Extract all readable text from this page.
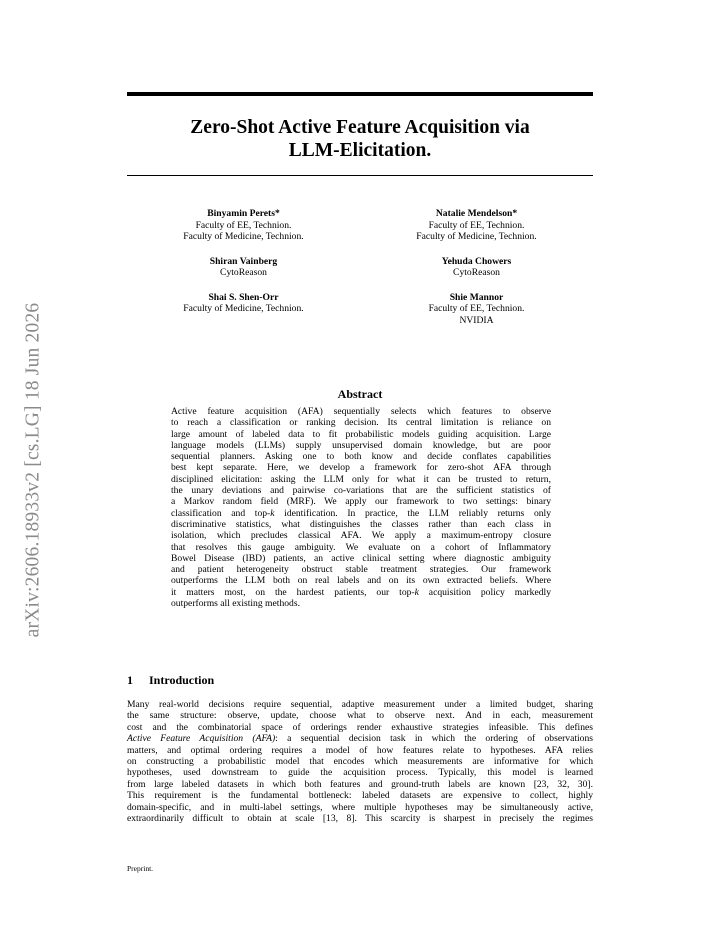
arXiv:2606.18933v2 [cs.LG] 18 Jun 2026
Zero-Shot Active Feature Acquisition via
LLM-Elicitation.
Binyamin Perets*
Faculty of EE, Technion.
Faculty of Medicine, Technion.
Natalie Mendelson*
Faculty of EE, Technion.
Faculty of Medicine, Technion.
Shiran Vainberg
CytoReason
Yehuda Chowers
CytoReason
Shai S. Shen-Orr
Faculty of Medicine, Technion.
Shie Mannor
Faculty of EE, Technion.
NVIDIA
Abstract
Active feature acquisition (AFA) sequentially selects which features to observe
to reach a classification or ranking decision. Its central limitation is reliance on
large amount of labeled data to fit probabilistic models guiding acquisition. Large
language models (LLMs) supply unsupervised domain knowledge, but are poor
sequential planners. Asking one to both know and decide conflates capabilities
best kept separate. Here, we develop a framework for zero-shot AFA through
disciplined elicitation: asking the LLM only for what it can be trusted to return,
the unary deviations and pairwise co-variations that are the sufficient statistics of
a Markov random field (MRF). We apply our framework to two settings: binary
classification and top-k identification. In practice, the LLM reliably returns only
discriminative statistics, what distinguishes the classes rather than each class in
isolation, which precludes classical AFA. We apply a maximum-entropy closure
that resolves this gauge ambiguity. We evaluate on a cohort of Inflammatory
Bowel Disease (IBD) patients, an active clinical setting where diagnostic ambiguity
and patient heterogeneity obstruct stable treatment strategies. Our framework
outperforms the LLM both on real labels and on its own extracted beliefs. Where
it matters most, on the hardest patients, our top-k acquisition policy markedly
outperforms all existing methods.
1 Introduction
Many real-world decisions require sequential, adaptive measurement under a limited budget, sharing
the same structure: observe, update, choose what to observe next. And in each, measurement
cost and the combinatorial space of orderings render exhaustive strategies infeasible. This defines
Active Feature Acquisition (AFA): a sequential decision task in which the ordering of observations
matters, and optimal ordering requires a model of how features relate to hypotheses. AFA relies
on constructing a probabilistic model that encodes which measurements are informative for which
hypotheses, used downstream to guide the acquisition process. Typically, this model is learned
from large labeled datasets in which both features and ground-truth labels are known [23, 32, 30].
This requirement is the fundamental bottleneck: labeled datasets are expensive to collect, highly
domain-specific, and in multi-label settings, where multiple hypotheses may be simultaneously active,
extraordinarily difficult to obtain at scale [13, 8]. This scarcity is sharpest in precisely the regimes
Preprint.
